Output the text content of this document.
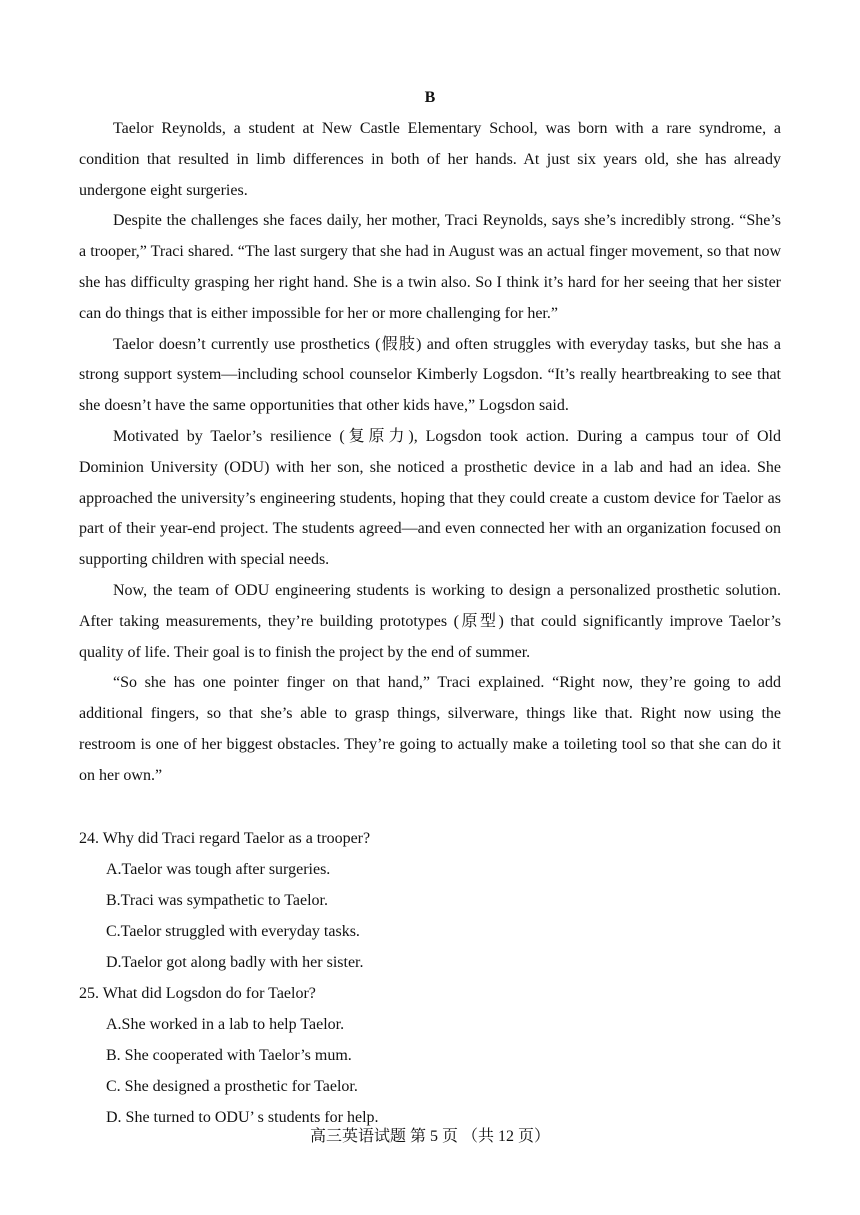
B

Taelor Reynolds, a student at New Castle Elementary School, was born with a rare syndrome, a condition that resulted in limb differences in both of her hands. At just six years old, she has already undergone eight surgeries.

Despite the challenges she faces daily, her mother, Traci Reynolds, says she’s incredibly strong. “She’s a trooper,” Traci shared. “The last surgery that she had in August was an actual finger movement, so that now she has difficulty grasping her right hand. She is a twin also. So I think it’s hard for her seeing that her sister can do things that is either impossible for her or more challenging for her.”

Taelor doesn’t currently use prosthetics (假肢) and often struggles with everyday tasks, but she has a strong support system—including school counselor Kimberly Logsdon. “It’s really heartbreaking to see that she doesn’t have the same opportunities that other kids have,” Logsdon said.

Motivated by Taelor’s resilience (复原力), Logsdon took action. During a campus tour of Old Dominion University (ODU) with her son, she noticed a prosthetic device in a lab and had an idea. She approached the university’s engineering students, hoping that they could create a custom device for Taelor as part of their year-end project. The students agreed—and even connected her with an organization focused on supporting children with special needs.

Now, the team of ODU engineering students is working to design a personalized prosthetic solution. After taking measurements, they’re building prototypes (原型) that could significantly improve Taelor’s quality of life. Their goal is to finish the project by the end of summer.

“So she has one pointer finger on that hand,” Traci explained. “Right now, they’re going to add additional fingers, so that she’s able to grasp things, silverware, things like that. Right now using the restroom is one of her biggest obstacles. They’re going to actually make a toileting tool so that she can do it on her own.”

24. Why did Traci regard Taelor as a trooper?
A.Taelor was tough after surgeries.
B.Traci was sympathetic to Taelor.
C.Taelor struggled with everyday tasks.
D.Taelor got along badly with her sister.
25. What did Logsdon do for Taelor?
A.She worked in a lab to help Taelor.
B. She cooperated with Taelor’s mum.
C. She designed a prosthetic for Taelor.
D. She turned to ODU’ s students for help.
高三英语试题 第 5 页 （共 12 页）
